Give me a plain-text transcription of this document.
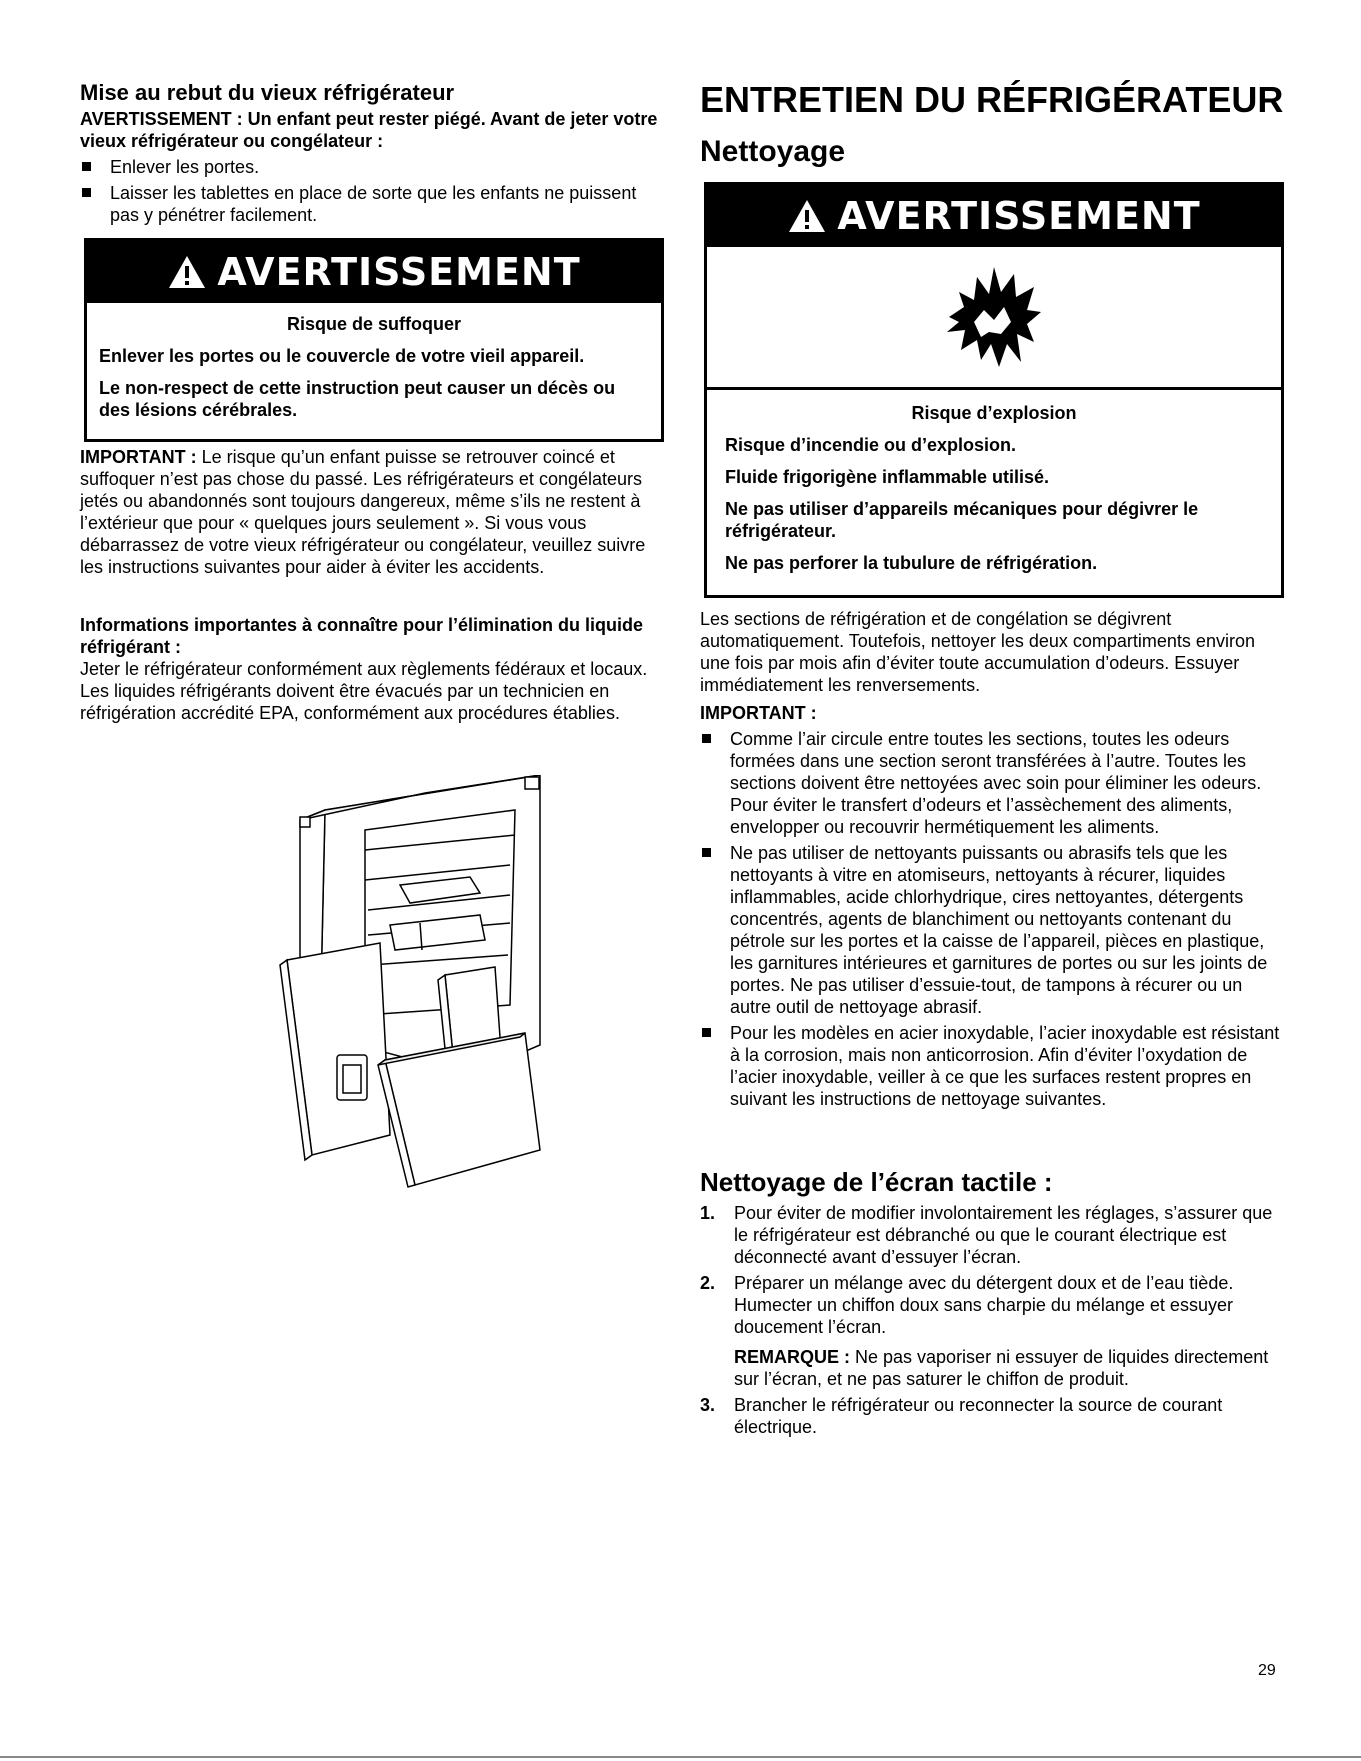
Mise au rebut du vieux réfrigérateur

AVERTISSEMENT : Un enfant peut rester piégé. Avant de jeter votre vieux réfrigérateur ou congélateur :

Enlever les portes.
Laisser les tablettes en place de sorte que les enfants ne puissent pas y pénétrer facilement.
AVERTISSEMENT

Risque de suffoquer

Enlever les portes ou le couvercle de votre vieil appareil.

Le non-respect de cette instruction peut causer un décès ou des lésions cérébrales.

IMPORTANT : Le risque qu’un enfant puisse se retrouver coincé et suffoquer n’est pas chose du passé. Les réfrigérateurs et congélateurs jetés ou abandonnés sont toujours dangereux, même s’ils ne restent à l’extérieur que pour « quelques jours seulement ». Si vous vous débarrassez de votre vieux réfrigérateur ou congélateur, veuillez suivre les instructions suivantes pour aider à éviter les accidents.

Informations importantes à connaître pour l’élimination du liquide réfrigérant :

Jeter le réfrigérateur conformément aux règlements fédéraux et locaux. Les liquides réfrigérants doivent être évacués par un technicien en réfrigération accrédité EPA, conformément aux procédures établies.

ENTRETIEN DU RÉFRIGÉRATEUR

Nettoyage

AVERTISSEMENT

Risque d’explosion

Risque d’incendie ou d’explosion.

Fluide frigorigène inflammable utilisé.

Ne pas utiliser d’appareils mécaniques pour dégivrer le réfrigérateur.

Ne pas perforer la tubulure de réfrigération.

Les sections de réfrigération et de congélation se dégivrent automatiquement. Toutefois, nettoyer les deux compartiments environ une fois par mois afin d’éviter toute accumulation d’odeurs. Essuyer immédiatement les renversements.

IMPORTANT :

Comme l’air circule entre toutes les sections, toutes les odeurs formées dans une section seront transférées à l’autre. Toutes les sections doivent être nettoyées avec soin pour éliminer les odeurs. Pour éviter le transfert d’odeurs et l’assèchement des aliments, envelopper ou recouvrir hermétiquement les aliments.
Ne pas utiliser de nettoyants puissants ou abrasifs tels que les nettoyants à vitre en atomiseurs, nettoyants à récurer, liquides inflammables, acide chlorhydrique, cires nettoyantes, détergents concentrés, agents de blanchiment ou nettoyants contenant du pétrole sur les portes et la caisse de l’appareil, pièces en plastique, les garnitures intérieures et garnitures de portes ou sur les joints de portes. Ne pas utiliser d’essuie-tout, de tampons à récurer ou un autre outil de nettoyage abrasif.
Pour les modèles en acier inoxydable, l’acier inoxydable est résistant à la corrosion, mais non anticorrosion. Afin d’éviter l’oxydation de l’acier inoxydable, veiller à ce que les surfaces restent propres en suivant les instructions de nettoyage suivantes.

Nettoyage de l’écran tactile :

1. Pour éviter de modifier involontairement les réglages, s’assurer que le réfrigérateur est débranché ou que le courant électrique est déconnecté avant d’essuyer l’écran.
2. Préparer un mélange avec du détergent doux et de l’eau tiède. Humecter un chiffon doux sans charpie du mélange et essuyer doucement l’écran.

REMARQUE : Ne pas vaporiser ni essuyer de liquides directement sur l’écran, et ne pas saturer le chiffon de produit.

3. Brancher le réfrigérateur ou reconnecter la source de courant électrique.
29
